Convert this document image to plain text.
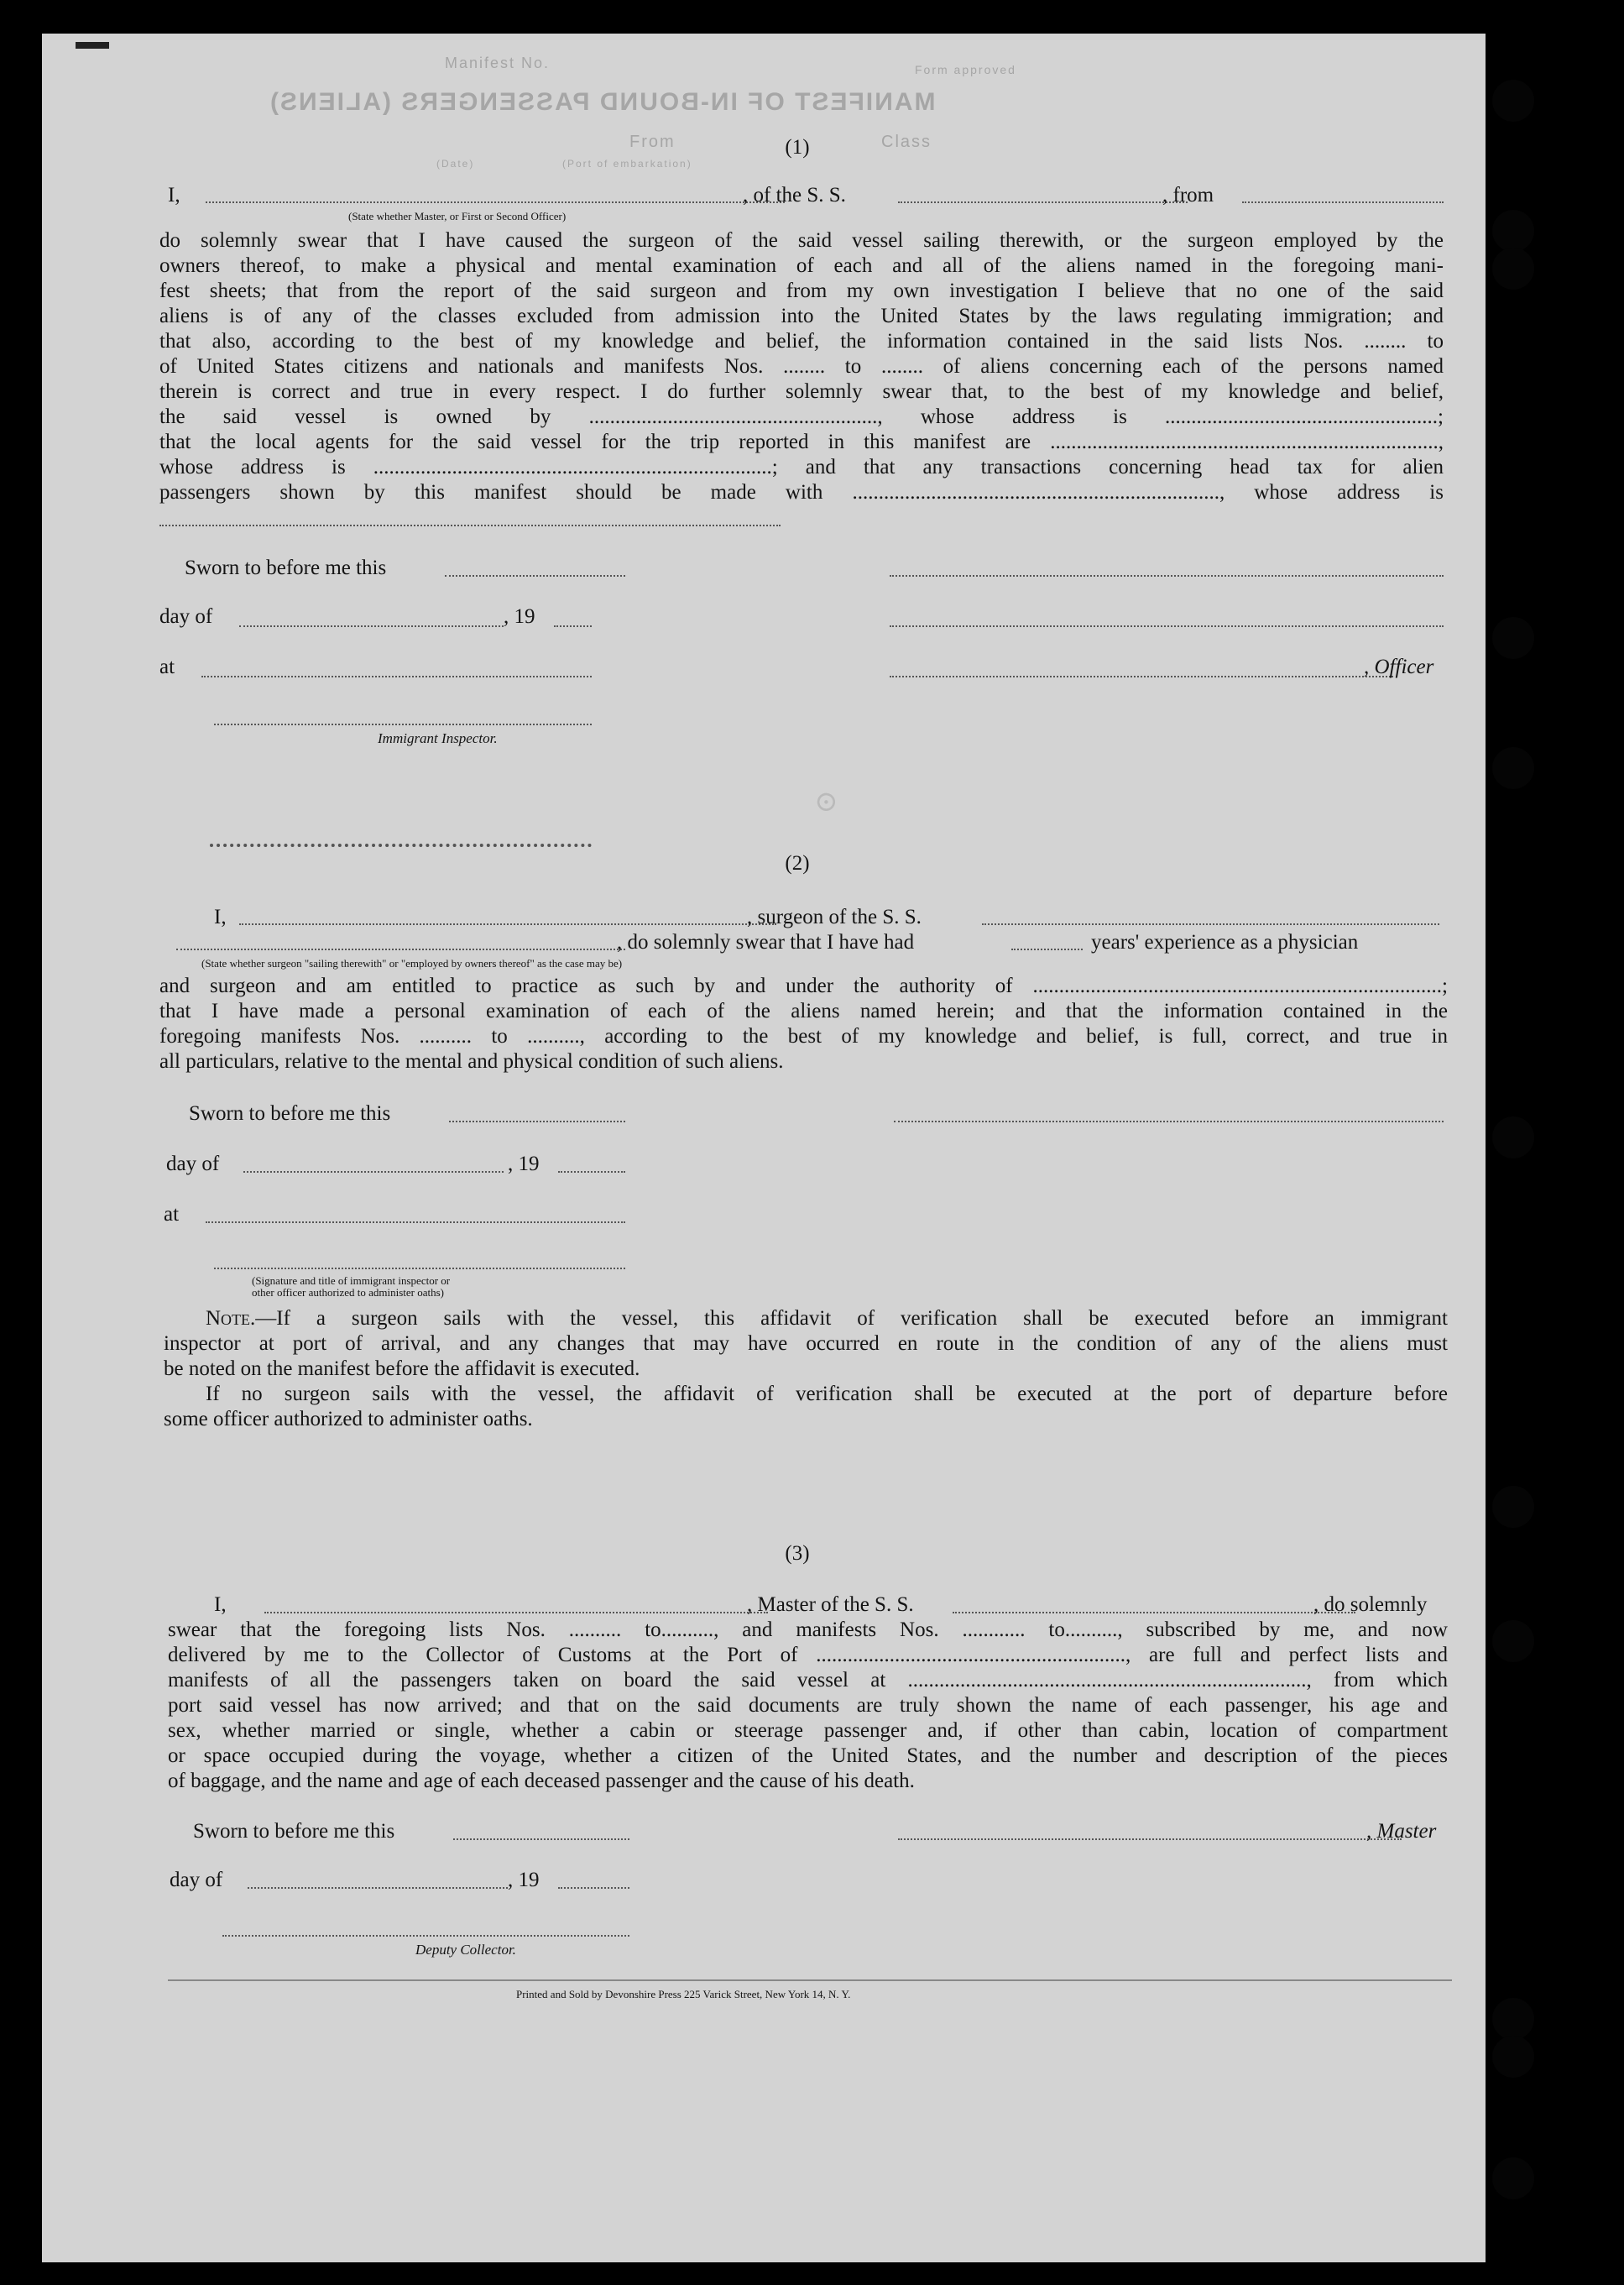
MANIFEST OF IN-BOUND PASSENGERS (ALIENS)
Manifest No.	Form approved
Class
From
(Port of embarkation)
(Date)
(1)
I,	, of the S. S.	, from
(State whether Master, or First or Second Officer)
do solemnly swear that I have caused the surgeon of the said vessel sailing therewith, or the surgeon employed by the
owners thereof, to make a physical and mental examination of each and all of the aliens named in the foregoing mani-
fest sheets; that from the report of the said surgeon and from my own investigation I believe that no one of the said
aliens is of any of the classes excluded from admission into the United States by the laws regulating immigration; and
that also, according to the best of my knowledge and belief, the information contained in the said lists Nos. ........ to
of United States citizens and nationals and manifests Nos. ........ to ........ of aliens concerning each of the persons named
therein is correct and true in every respect. I do further solemnly swear that, to the best of my knowledge and belief,
the said vessel is owned by ......................................................., whose address is ....................................................;
that the local agents for the said vessel for the trip reported in this manifest are ..........................................................................,
whose address is ............................................................................; and that any transactions concerning head tax for alien
passengers shown by this manifest should be made with ......................................................................, whose address is
Sworn to before me this
day of	, 19
at	, Officer
Immigrant Inspector.
⊙
(2)
I,	, surgeon of the S. S.
, do solemnly swear that I have had	years' experience as a physician
(State whether surgeon "sailing therewith" or "employed by owners thereof" as the case may be)
and surgeon and am entitled to practice as such by and under the authority of ..............................................................................;
that I have made a personal examination of each of the aliens named herein; and that the information contained in the
foregoing manifests Nos. .......... to .........., according to the best of my knowledge and belief, is full, correct, and true in
all particulars, relative to the mental and physical condition of such aliens.
Sworn to before me this
day of	, 19
at
(Signature and title of immigrant inspector or
other officer authorized to administer oaths)
Note.—If a surgeon sails with the vessel, this affidavit of verification shall be executed before an immigrant
inspector at port of arrival, and any changes that may have occurred en route in the condition of any of the aliens must
be noted on the manifest before the affidavit is executed.
If no surgeon sails with the vessel, the affidavit of verification shall be executed at the port of departure before
some officer authorized to administer oaths.
(3)
I,	, Master of the S. S.	, do solemnly
swear that the foregoing lists Nos. .......... to.........., and manifests Nos. ............ to.........., subscribed by me, and now
delivered by me to the Collector of Customs at the Port of ..........................................................., are full and perfect lists and
manifests of all the passengers taken on board the said vessel at ............................................................................, from which
port said vessel has now arrived; and that on the said documents are truly shown the name of each passenger, his age and
sex, whether married or single, whether a cabin or steerage passenger and, if other than cabin, location of compartment
or space occupied during the voyage, whether a citizen of the United States, and the number and description of the pieces
of baggage, and the name and age of each deceased passenger and the cause of his death.
Sworn to before me this	, Master
day of	, 19
Deputy Collector.
Printed and Sold by Devonshire Press 225 Varick Street, New York 14, N. Y.
